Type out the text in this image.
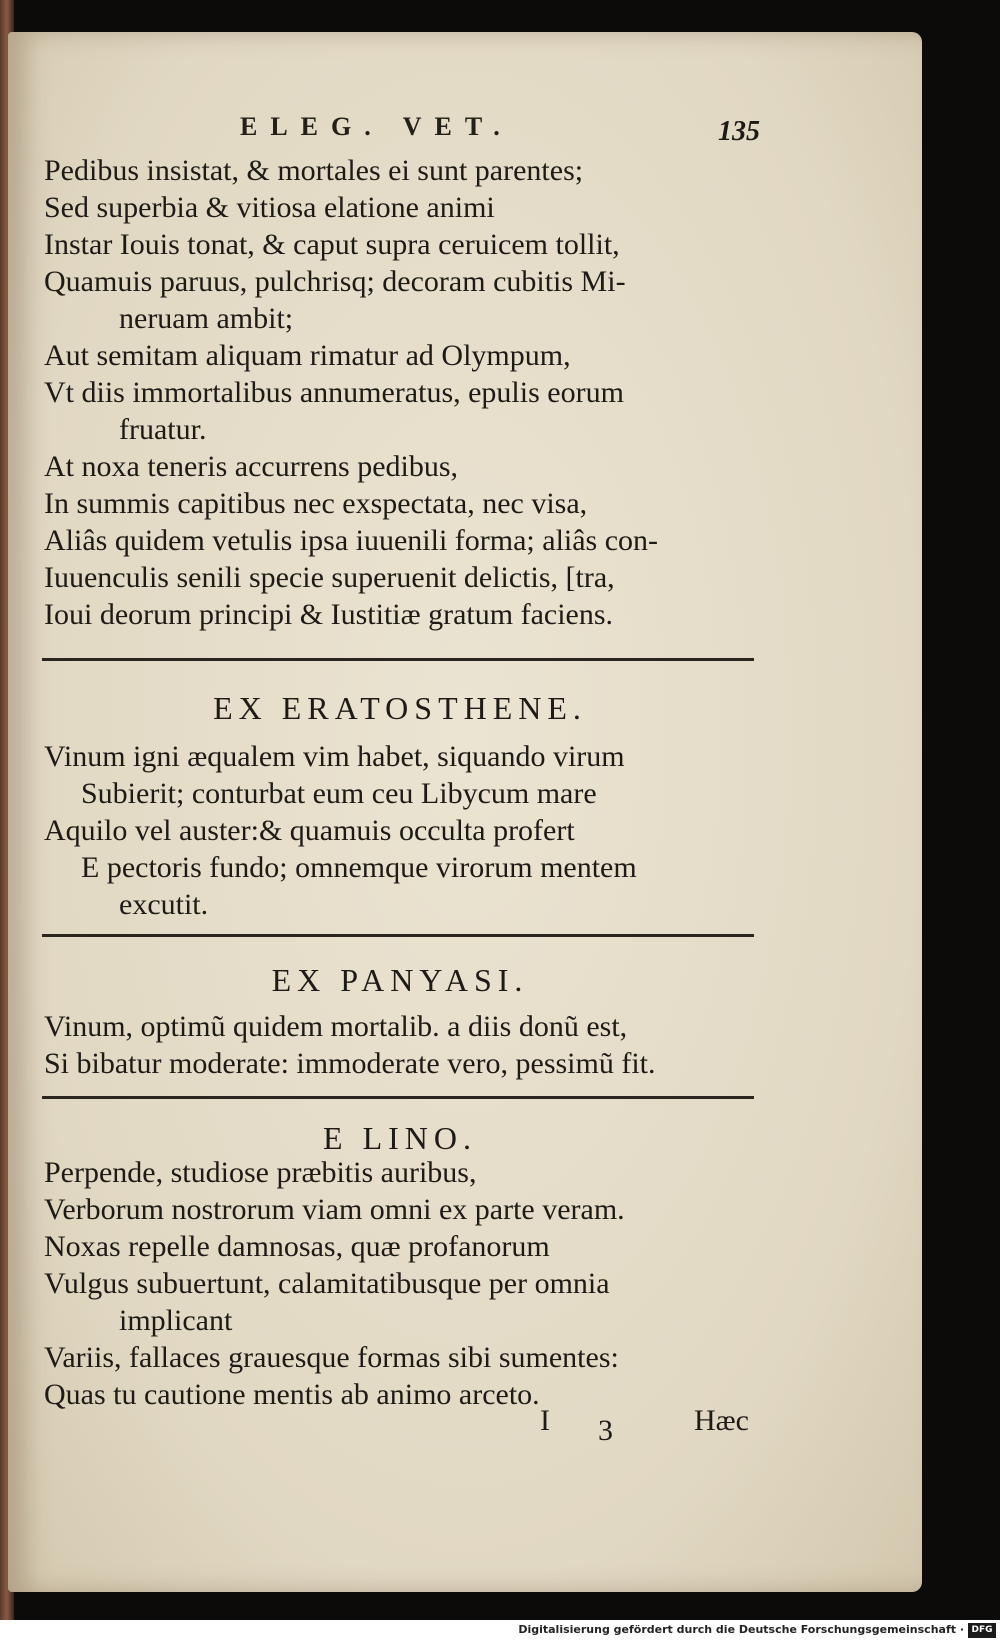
ELEG. VET.	135
Pedibus insistat, & mortales ei sunt parentes;
Sed superbia & vitiosa elatione animi
Instar Iouis tonat, & caput supra ceruicem tollit,
Quamuis paruus, pulchrisq; decoram cubitis Mi-
neruam ambit;
Aut semitam aliquam rimatur ad Olympum,
Vt diis immortalibus annumeratus, epulis eorum
fruatur.
At noxa teneris accurrens pedibus,
In summis capitibus nec exspectata, nec visa,
Aliâs quidem vetulis ipsa iuuenili forma; aliâs con-
Iuuenculis senili specie superuenit delictis, [tra,
Ioui deorum principi & Iustitiæ gratum faciens.
EX ERATOSTHENE.
Vinum igni æqualem vim habet, siquando virum
Subierit; conturbat eum ceu Libycum mare
Aquilo vel auster:& quamuis occulta profert
E pectoris fundo; omnemque virorum mentem
excutit.
EX PANYASI.
Vinum, optimũ quidem mortalib. a diis donũ est,
Si bibatur moderate: immoderate vero, pessimũ fit.
E LINO.
Perpende, studiose præbitis auribus,
Verborum nostrorum viam omni ex parte veram.
Noxas repelle damnosas, quæ profanorum
Vulgus subuertunt, calamitatibusque per omnia
implicant
Variis, fallaces grauesque formas sibi sumentes:
Quas tu cautione mentis ab animo arceto.
I 3	Hæc
Digitalisierung gefördert durch die Deutsche Forschungsgemeinschaft · DFG
